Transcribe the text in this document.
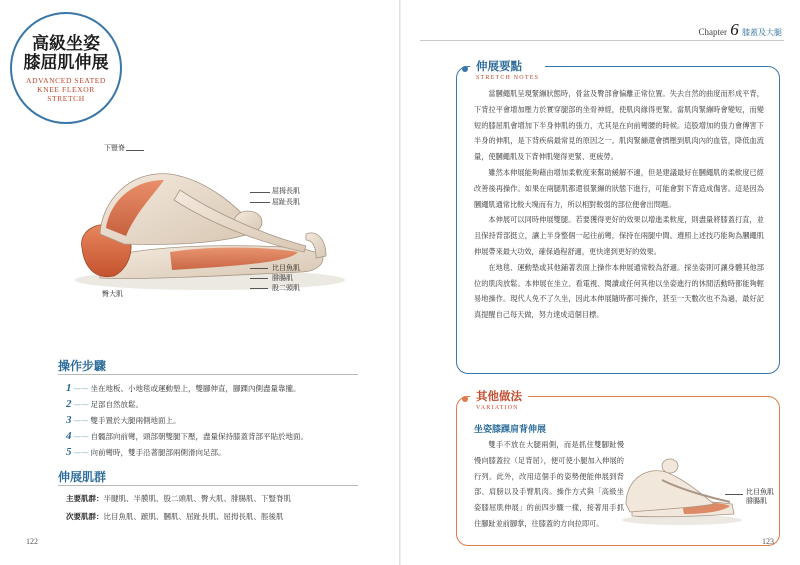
高級坐姿
膝屈肌伸展
ADVANCED SEATED
KNEE FLEXOR
STRETCH
下豎脊
屈拇長肌
屈趾長肌
比目魚肌
腓腸肌
股二頭肌
臀大肌
操作步驟
1 —— 坐在地板、小地毯或運動墊上，雙腳伸直，腳踝內側盡量靠攏。
2 —— 足部自然放鬆。
3 —— 雙手置於大腿兩側地面上。
4 —— 自髖部向前彎，頭部朝雙腿下壓，盡量保持膝蓋背部平貼於地面。
5 —— 向前彎時，雙手沿著腿部兩側滑向足部。
伸展肌群
主要肌群：半腱肌、半膜肌、股二頭肌、臀大肌、腓腸肌、下豎脊肌
次要肌群：比目魚肌、蹠肌、膕肌、屈趾長肌、屈拇長肌、脛後肌
122
Chapter 6 膝蓋及大腿
伸展要點
STRETCH NOTES

當膕繩肌呈現緊繃狀態時，骨盆及臀部會偏離正常位置。失去自然的曲度而形成平背，下背拉平會增加壓力於實穿腿部的坐骨神經，使肌肉緣得更緊。當肌肉緊繃時會變短，而變短的膝屈肌會增加下半身伸肌的張力，尤其是在向前彎腰的時候。這股增加的張力會傳害下半身的伸肌，是下背疾病最常見的原因之一。肌肉緊繃還會擠壓到肌肉內的血管，降低血流量，使膕繩肌及下背伸肌變得更緊、更疲勞。

雖然本伸展能夠藉由增加柔軟度來幫助緩解不適，但是建議最好在膕繩肌的柔軟度已經改善後再操作。如果在兩腿肌都還很緊繃的狀態下進行，可能會對下背造成傷害。這是因為膕繩肌通常比較大塊而有力，所以相對較弱的部位便會出問題。

本伸展可以同時伸展雙腿。若要獲得更好的效果以增進柔軟度，則盡量將膝蓋打直，並且保持背部挺立，讓上半身整個一起往前彎，保持在兩腿中間。遵照上述技巧能夠為膕繩肌伸展帶來最大功效，確保過程舒適，更快達到更好的效果。

在地毯、運動墊或其他鋪著表面上操作本伸展通常較為舒適。採坐姿則可讓身體其他部位的肌肉放鬆。本伸展在坐立、看電視、閱讀或任何其他以坐姿進行的休閒活動時都能夠輕易地操作。現代人免不了久坐，因此本伸展隨時都可操作，甚至一天數次也不為過，最好記真提醒自己每天做，努力達成這個目標。

其他做法
VARIATION
坐姿膝踝肩背伸展

雙手不放在大腿兩側，而是抓住雙腳趾慢慢向膝蓋拉（足背屈），便可使小腿加入伸展的行列。此外，改用這個手的姿勢便能伸展到背部、肩膀以及手臂肌肉。操作方式與「高級坐姿膝屈肌伸展」的前四步驟一樣，接著用手抓住腳趾並前腳掌，往膝蓋的方向拉即可。

比目魚肌
腓腸肌
123
